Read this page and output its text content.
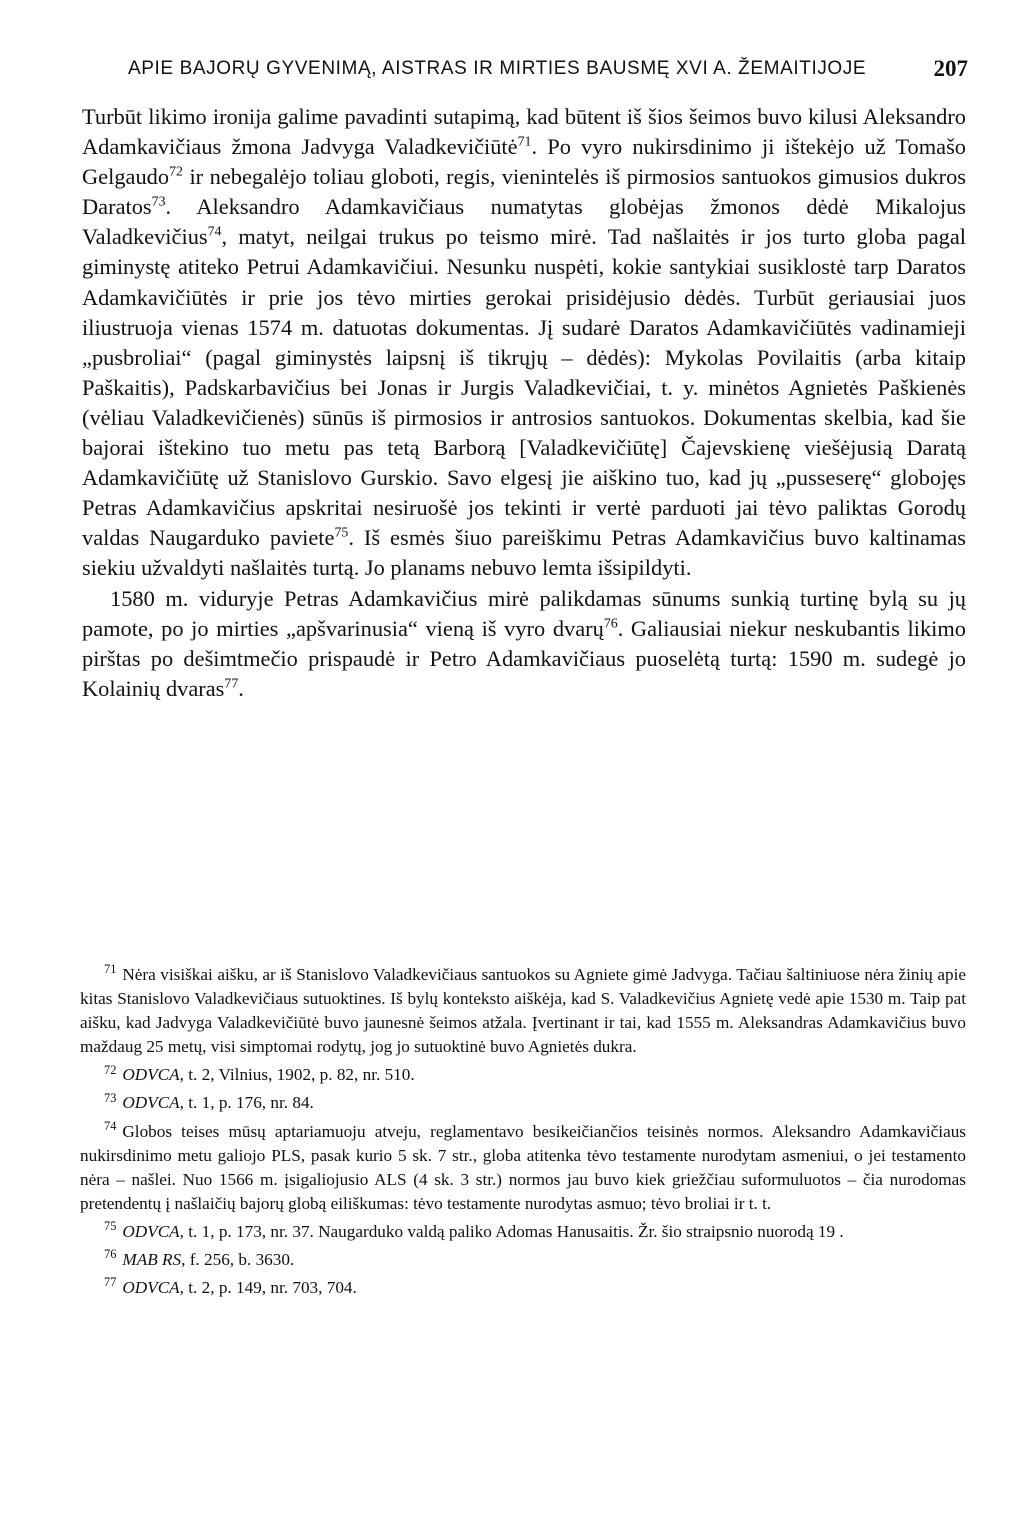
APIE BAJORŲ GYVENIMĄ, AISTRAS IR MIRTIES BAUSMĘ XVI A. ŽEMAITIJOJE	207

Turbūt likimo ironija galime pavadinti sutapimą, kad būtent iš šios šeimos buvo kilusi Aleksandro Adamkavičiaus žmona Jadvyga Valadkevičiūtė$^{71}$. Po vyro nukirsdinimo ji ištekėjo už Tomašo Gelgaudo$^{72}$ ir nebegalėjo toliau globoti, regis, vienintelės iš pirmosios santuokos gimusios dukros Daratos$^{73}$. Aleksandro Adamkavičiaus numatytas globėjas žmonos dėdė Mikalojus Valadkevičius$^{74}$, matyt, neilgai trukus po teismo mirė. Tad našlaitės ir jos turto globa pagal giminystę atiteko Petrui Adamkavičiui. Nesunku nuspėti, kokie santykiai susiklostė tarp Daratos Adamkavičiūtės ir prie jos tėvo mirties gerokai prisidėjusio dėdės. Turbūt geriausiai juos iliustruoja vienas 1574 m. datuotas dokumentas. Jį sudarė Daratos Adamkavičiūtės vadinamieji „pusbroliai“ (pagal giminystės laipsnį iš tikrųjų – dėdės): Mykolas Povilaitis (arba kitaip Paškaitis), Padskarbavičius bei Jonas ir Jurgis Valadkevičiai, t. y. minėtos Agnietės Paškienės (vėliau Valadkevičienės) sūnūs iš pirmosios ir antrosios santuokos. Dokumentas skelbia, kad šie bajorai ištekino tuo metu pas tetą Barborą [Valadkevičiūtę] Čajevskienę viešėjusią Daratą Adamkavičiūtę už Stanislovo Gurskio. Savo elgesį jie aiškino tuo, kad jų „pusseserę“ globojęs Petras Adamkavičius apskritai nesiruošė jos tekinti ir vertė parduoti jai tėvo paliktas Gorodų valdas Naugarduko paviete$^{75}$. Iš esmės šiuo pareiškimu Petras Adamkavičius buvo kaltinamas siekiu užvaldyti našlaitės turtą. Jo planams nebuvo lemta išsipildyti.

1580 m. viduryje Petras Adamkavičius mirė palikdamas sūnums sunkią turtinę bylą su jų pamote, po jo mirties „apšvarinusia“ vieną iš vyro dvarų$^{76}$. Galiausiai niekur neskubantis likimo pirštas po dešimtmečio prispaudė ir Petro Adamkavičiaus puoselėtą turtą: 1590 m. sudegė jo Kolainių dvaras$^{77}$.

$^{71}$ Nėra visiškai aišku, ar iš Stanislovo Valadkevičiaus santuokos su Agniete gimė Jadvyga. Tačiau šaltiniuose nėra žinių apie kitas Stanislovo Valadkevičiaus sutuoktines. Iš bylų konteksto aiškėja, kad S. Valadkevičius Agnietę vedė apie 1530 m. Taip pat aišku, kad Jadvyga Valadkevičiūtė buvo jaunesnė šeimos atžala. Įvertinant ir tai, kad 1555 m. Aleksandras Adamkavičius buvo maždaug 25 metų, visi simptomai rodytų, jog jo sutuoktinė buvo Agnietės dukra.

$^{72}$ ODVCA, t. 2, Vilnius, 1902, p. 82, nr. 510.

$^{73}$ ODVCA, t. 1, p. 176, nr. 84.

$^{74}$ Globos teises mūsų aptariamuoju atveju, reglamentavo besikeičiančios teisinės normos. Aleksandro Adamkavičiaus nukirsdinimo metu galiojo PLS, pasak kurio 5 sk. 7 str., globa atitenka tėvo testamente nurodytam asmeniui, o jei testamento nėra – našlei. Nuo 1566 m. įsigaliojusio ALS (4 sk. 3 str.) normos jau buvo kiek griežčiau suformuluotos – čia nurodomas pretendentų į našlaičių bajorų globą eiliškumas: tėvo testamente nurodytas asmuo; tėvo broliai ir t. t.

$^{75}$ ODVCA, t. 1, p. 173, nr. 37. Naugarduko valdą paliko Adomas Hanusaitis. Žr. šio straipsnio nuorodą 19 .

$^{76}$ MAB RS, f. 256, b. 3630.

$^{77}$ ODVCA, t. 2, p. 149, nr. 703, 704.
